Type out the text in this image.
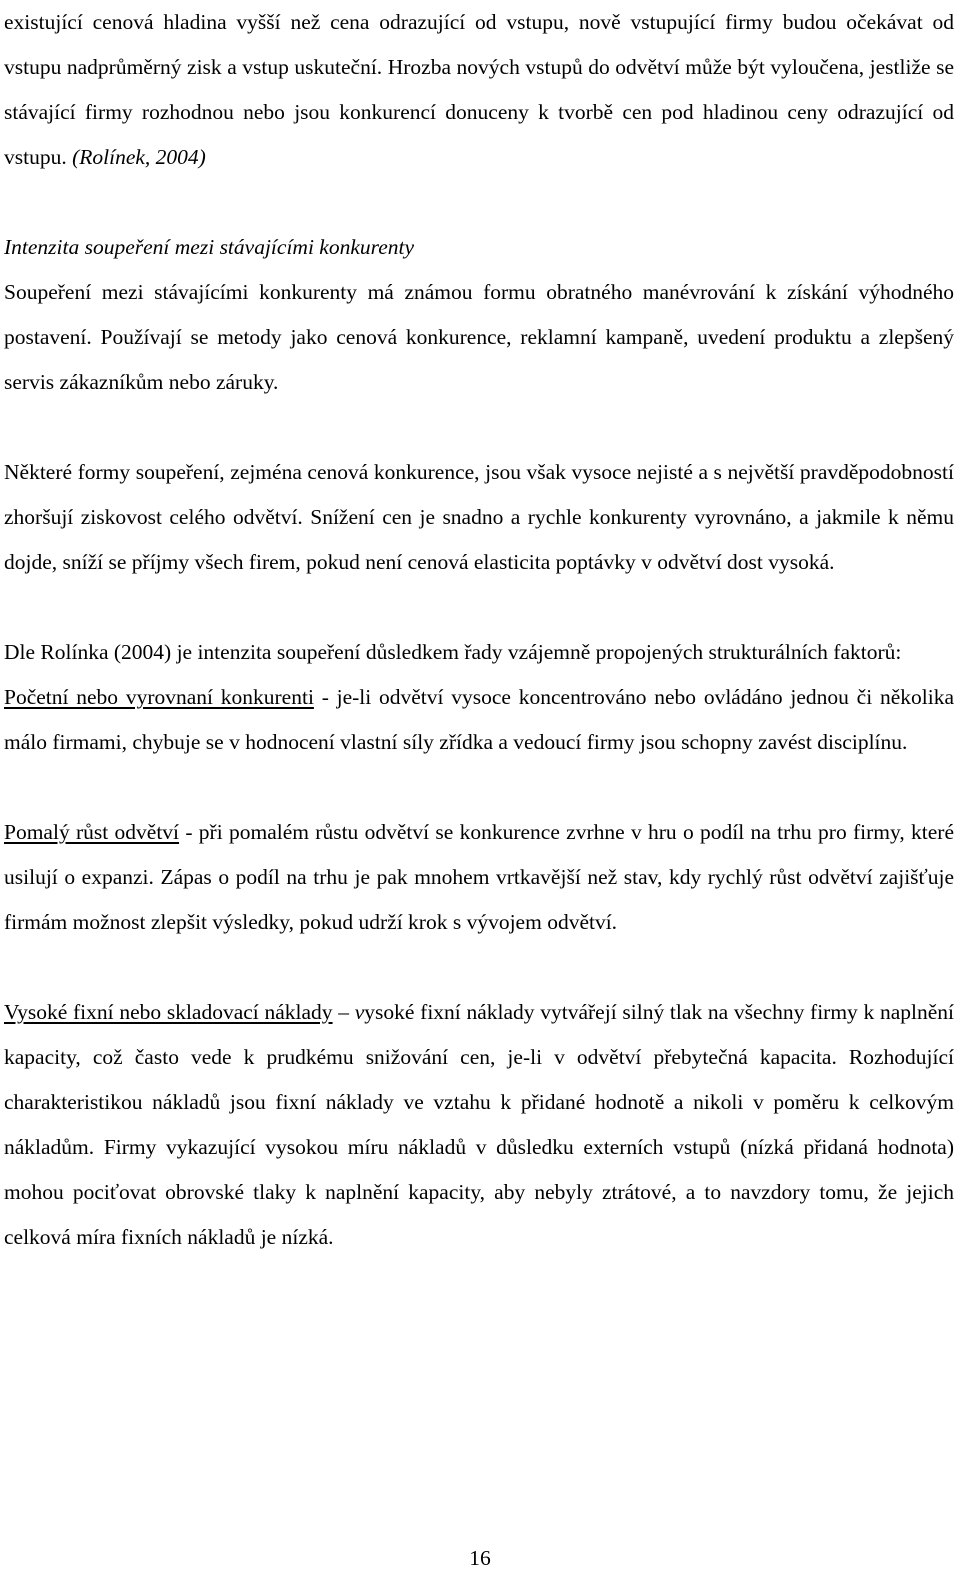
existující cenová hladina vyšší než cena odrazující od vstupu, nově vstupující firmy budou očekávat od vstupu nadprůměrný zisk a vstup uskuteční. Hrozba nových vstupů do odvětví může být vyloučena, jestliže se stávající firmy rozhodnou nebo jsou konkurencí donuceny k tvorbě cen pod hladinou ceny odrazující od vstupu. (Rolínek, 2004)

Intenzita soupeření mezi stávajícími konkurenty

Soupeření mezi stávajícími konkurenty má známou formu obratného manévrování k získání výhodného postavení. Používají se metody jako cenová konkurence, reklamní kampaně, uvedení produktu a zlepšený servis zákazníkům nebo záruky.

Některé formy soupeření, zejména cenová konkurence, jsou však vysoce nejisté a s největší pravděpodobností zhoršují ziskovost celého odvětví. Snížení cen je snadno a rychle konkurenty vyrovnáno, a jakmile k němu dojde, sníží se příjmy všech firem, pokud není cenová elasticita poptávky v odvětví dost vysoká.

Dle Rolínka (2004) je intenzita soupeření důsledkem řady vzájemně propojených strukturálních faktorů:

Početní nebo vyrovnaní konkurenti - je-li odvětví vysoce koncentrováno nebo ovládáno jednou či několika málo firmami, chybuje se v hodnocení vlastní síly zřídka a vedoucí firmy jsou schopny zavést disciplínu.

Pomalý růst odvětví - při pomalém růstu odvětví se konkurence zvrhne v hru o podíl na trhu pro firmy, které usilují o expanzi. Zápas o podíl na trhu je pak mnohem vrtkavější než stav, kdy rychlý růst odvětví zajišťuje firmám možnost zlepšit výsledky, pokud udrží krok s vývojem odvětví.

Vysoké fixní nebo skladovací náklady – vysoké fixní náklady vytvářejí silný tlak na všechny firmy k naplnění kapacity, což často vede k prudkému snižování cen, je-li v odvětví přebytečná kapacita. Rozhodující charakteristikou nákladů jsou fixní náklady ve vztahu k přidané hodnotě a nikoli v poměru k celkovým nákladům. Firmy vykazující vysokou míru nákladů v důsledku externích vstupů (nízká přidaná hodnota) mohou pociťovat obrovské tlaky k naplnění kapacity, aby nebyly ztrátové, a to navzdory tomu, že jejich celková míra fixních nákladů je nízká.

16
